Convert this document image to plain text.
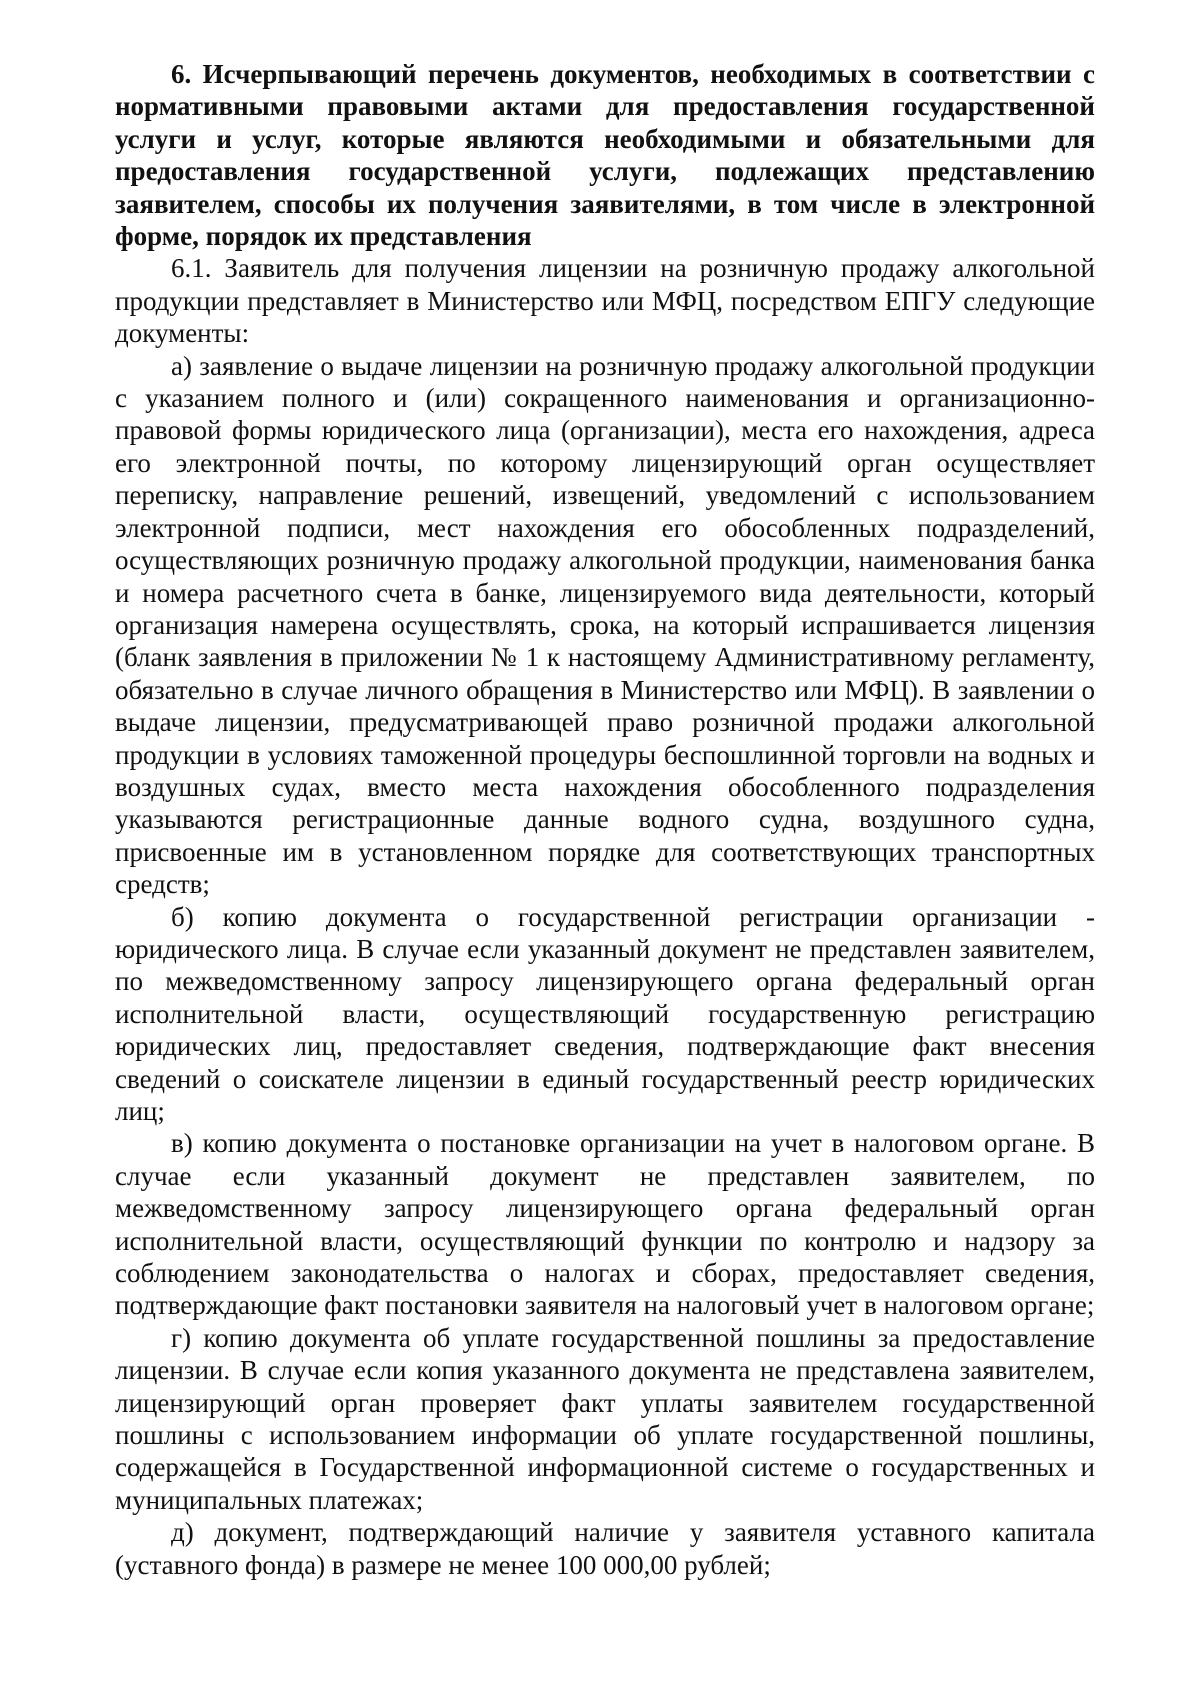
6. Исчерпывающий перечень документов, необходимых в соответствии с нормативными правовыми актами для предоставления государственной услуги и услуг, которые являются необходимыми и обязательными для предоставления государственной услуги, подлежащих представлению заявителем, способы их получения заявителями, в том числе в электронной форме, порядок их представления

6.1. Заявитель для получения лицензии на розничную продажу алкогольной продукции представляет в Министерство или МФЦ, посредством ЕПГУ следующие документы:

а) заявление о выдаче лицензии на розничную продажу алкогольной продукции с указанием полного и (или) сокращенного наименования и организационно-правовой формы юридического лица (организации), места его нахождения, адреса его электронной почты, по которому лицензирующий орган осуществляет переписку, направление решений, извещений, уведомлений с использованием электронной подписи, мест нахождения его обособленных подразделений, осуществляющих розничную продажу алкогольной продукции, наименования банка и номера расчетного счета в банке, лицензируемого вида деятельности, который организация намерена осуществлять, срока, на который испрашивается лицензия (бланк заявления в приложении № 1 к настоящему Административному регламенту, обязательно в случае личного обращения в Министерство или МФЦ). В заявлении о выдаче лицензии, предусматривающей право розничной продажи алкогольной продукции в условиях таможенной процедуры беспошлинной торговли на водных и воздушных судах, вместо места нахождения обособленного подразделения указываются регистрационные данные водного судна, воздушного судна, присвоенные им в установленном порядке для соответствующих транспортных средств;

б) копию документа о государственной регистрации организации - юридического лица. В случае если указанный документ не представлен заявителем, по межведомственному запросу лицензирующего органа федеральный орган исполнительной власти, осуществляющий государственную регистрацию юридических лиц, предоставляет сведения, подтверждающие факт внесения сведений о соискателе лицензии в единый государственный реестр юридических лиц;

в) копию документа о постановке организации на учет в налоговом органе. В случае если указанный документ не представлен заявителем, по межведомственному запросу лицензирующего органа федеральный орган исполнительной власти, осуществляющий функции по контролю и надзору за соблюдением законодательства о налогах и сборах, предоставляет сведения, подтверждающие факт постановки заявителя на налоговый учет в налоговом органе;

г) копию документа об уплате государственной пошлины за предоставление лицензии. В случае если копия указанного документа не представлена заявителем, лицензирующий орган проверяет факт уплаты заявителем государственной пошлины с использованием информации об уплате государственной пошлины, содержащейся в Государственной информационной системе о государственных и муниципальных платежах;

д) документ, подтверждающий наличие у заявителя уставного капитала (уставного фонда) в размере не менее 100 000,00 рублей;
